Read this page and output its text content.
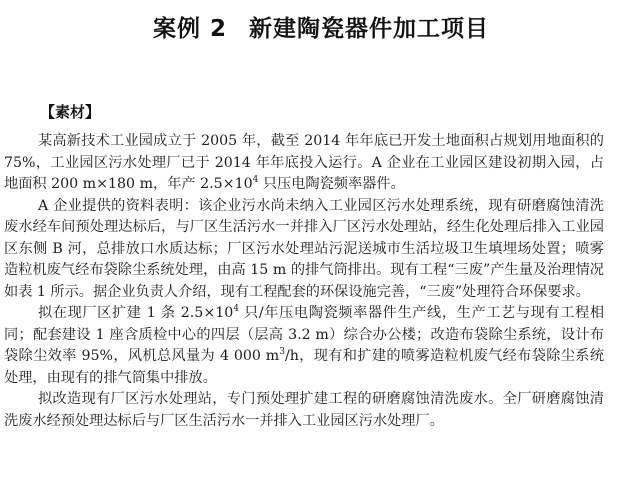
案例 2 新建陶瓷器件加工项目
【素材】

某高新技术工业园成立于 2005 年，截至 2014 年年底已开发土地面积占规划用地面积的 75%，工业园区污水处理厂已于 2014 年年底投入运行。A 企业在工业园区建设初期入园，占地面积 200 m×180 m，年产 $2.5\times 10^4$ 只压电陶瓷频率器件。

A 企业提供的资料表明：该企业污水尚未纳入工业园区污水处理系统，现有研磨腐蚀清洗废水经车间预处理达标后，与厂区生活污水一并排入厂区污水处理站，经生化处理后排入工业园区东侧 B 河，总排放口水质达标；厂区污水处理站污泥送城市生活垃圾卫生填埋场处置；喷雾造粒机废气经布袋除尘系统处理，由高 15 m 的排气筒排出。现有工程“三废”产生量及治理情况如表 1 所示。据企业负责人介绍，现有工程配套的环保设施完善，“三废”处理符合环保要求。

拟在现厂区扩建 1 条 $2.5\times 10^4$ 只/年压电陶瓷频率器件生产线，生产工艺与现有工程相同；配套建设 1 座含质检中心的四层（层高 3.2 m）综合办公楼；改造布袋除尘系统，设计布袋除尘效率 95%，风机总风量为 4 000 $m^3/h$，现有和扩建的喷雾造粒机废气经布袋除尘系统处理，由现有的排气筒集中排放。

拟改造现有厂区污水处理站，专门预处理扩建工程的研磨腐蚀清洗废水。全厂研磨腐蚀清洗废水经预处理达标后与厂区生活污水一并排入工业园区污水处理厂。
